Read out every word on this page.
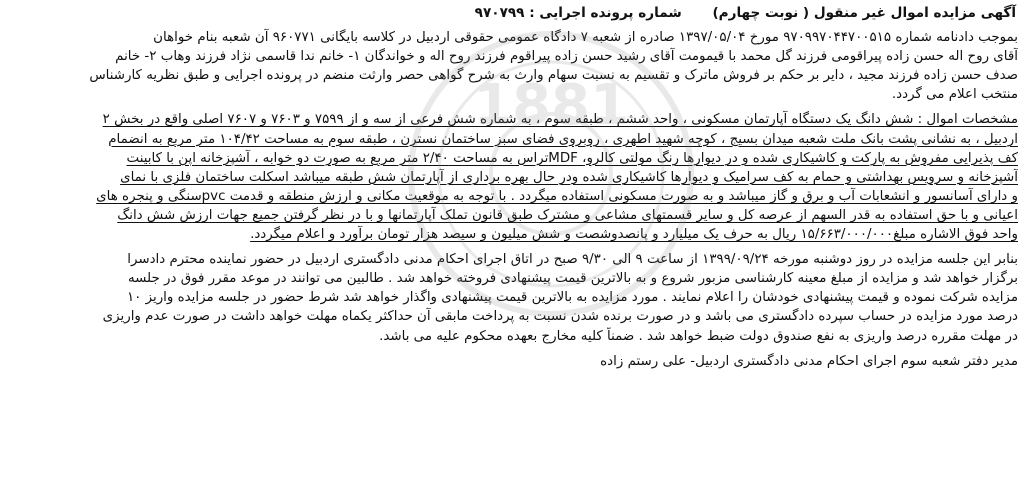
1881
آگهی مزایده اموال غیر منقول ( نوبت چهارم) شماره پرونده اجرایی : ۹۷۰۷۹۹
بموجب دادنامه شماره ۹۷۰۹۹۷۰۴۴۷۰۰۵۱۵ مورخ ۱۳۹۷/۰۵/۰۴ صادره از شعبه ۷ دادگاه عمومی حقوقی اردبیل در کلاسه بایگانی ۹۶۰۷۷۱ آن شعبه بنام خواهان
آقای روح اله حسن زاده پیراقومی فرزند گل محمد با قیمومت آقای رشید حسن زاده پیراقوم فرزند روح اله و خواندگان ۱- خانم ندا قاسمی نژاد فرزند وهاب ۲- خانم
صدف حسن زاده فرزند مجید ، دایر بر حکم بر فروش ماترک و تقسیم به نسبت سهام وارث به شرح گواهی حصر وارثت منضم در پرونده اجرایی و طبق نظریه کارشناس
منتخب اعلام می گردد.
مشخصات اموال : شش دانگ یک دستگاه آپارتمان مسکونی ، واحد ششم ، طبقه سوم ، به شماره شش فرعی از سه و از ۷۵۹۹ و ۷۶۰۳ و ۷۶۰۷ اصلی واقع در بخش ۲
اردبیل ، به نشانی پشت بانک ملت شعبه میدان بسیج ، کوچه شهید اطهری ، روبروی فضای سبز ساختمان نسترن ، طبقه سوم به مساحت ۱۰۴/۴۲ متر مربع به انضمام
کف پذیرایی مفروش به پارکت و کاشیکاری شده و در دیوارها رنگ مولتی کالرو، MDFتراس به مساحت ۲/۴۰ متر مربع به صورت دو خوابه ، آشپزخانه اپن با کابینت
آشپزخانه و سرویس بهداشتی و حمام به کف سرامیک و دیوارها کاشیکاری شده ودر حال بهره برداری از آپارتمان شش طبقه میباشد اسکلت ساختمان فلزی با نمای
و دارای آسانسور و انشعابات آب و برق و گاز میباشد و به صورت مسکونی استفاده میگردد . با توجه به موقعیت مکانی و ارزش منطقه و قدمت pvcسنگی و پنجره های
اعیانی و با حق استفاده به قدر السهم از عرصه کل و سایر قسمتهای مشاعی و مشترک طبق قانون تملک آپارتمانها و با در نظر گرفتن جمیع جهات ارزش شش دانگ
واحد فوق الاشاره مبلغ۱۵/۶۶۳/۰۰۰/۰۰۰ ریال به حرف یک میلیارد و پانصدوشصت و شش میلیون و سیصد هزار تومان برآورد و اعلام میگردد.
بنابر این جلسه مزایده در روز دوشنبه مورخه ۱۳۹۹/۰۹/۲۴ از ساعت ۹ الی ۹/۳۰ صبح در اتاق اجرای احکام مدنی دادگستری اردبیل در حضور نماینده محترم دادسرا
برگزار خواهد شد و مزایده از مبلغ معینه کارشناسی مزبور شروع و به بالاترین قیمت پیشنهادی فروخته خواهد شد . طالبین می توانند در موعد مقرر فوق در جلسه
مزایده شرکت نموده و قیمت پیشنهادی خودشان را اعلام نمایند . مورد مزایده به بالاترین قیمت پیشنهادی واگذار خواهد شد شرط حضور در جلسه مزایده واریز ۱۰
درصد مورد مزایده در حساب سپرده دادگستری می باشد و در صورت برنده شدن نسبت به پرداخت مابقی آن حداکثر یکماه مهلت خواهد داشت در صورت عدم واریزی
در مهلت مقرره درصد واریزی به نفع صندوق دولت ضبط خواهد شد . ضمناً کلیه مخارج بعهده محکوم علیه می باشد.
مدیر دفتر شعبه سوم اجرای احکام مدنی دادگستری اردبیل- علی رستم زاده
